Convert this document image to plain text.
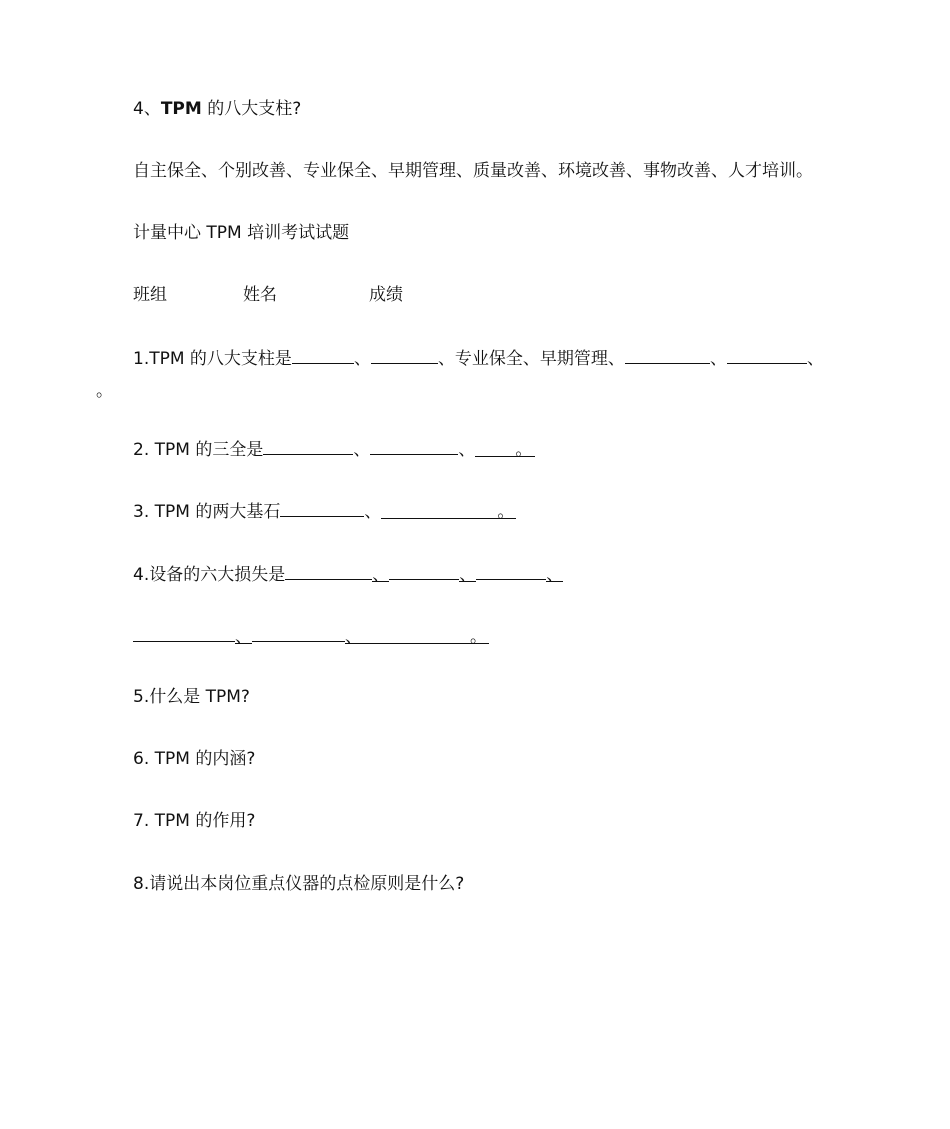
4、TPM 的八大支柱?
自主保全、个别改善、专业保全、早期管理、质量改善、环境改善、事物改善、人才培训。
计量中心 TPM 培训考试试题
班组	姓名	成绩
1.TPM 的八大支柱是	、	、专业保全、早期管理、	、	、
。
2. TPM 的三全是	、	、 。
3. TPM 的两大基石	、	。
4.设备的六大损失是	、	、	、
、	、	。
5.什么是 TPM?
6. TPM 的内涵?
7. TPM 的作用?
8.请说出本岗位重点仪器的点检原则是什么?
